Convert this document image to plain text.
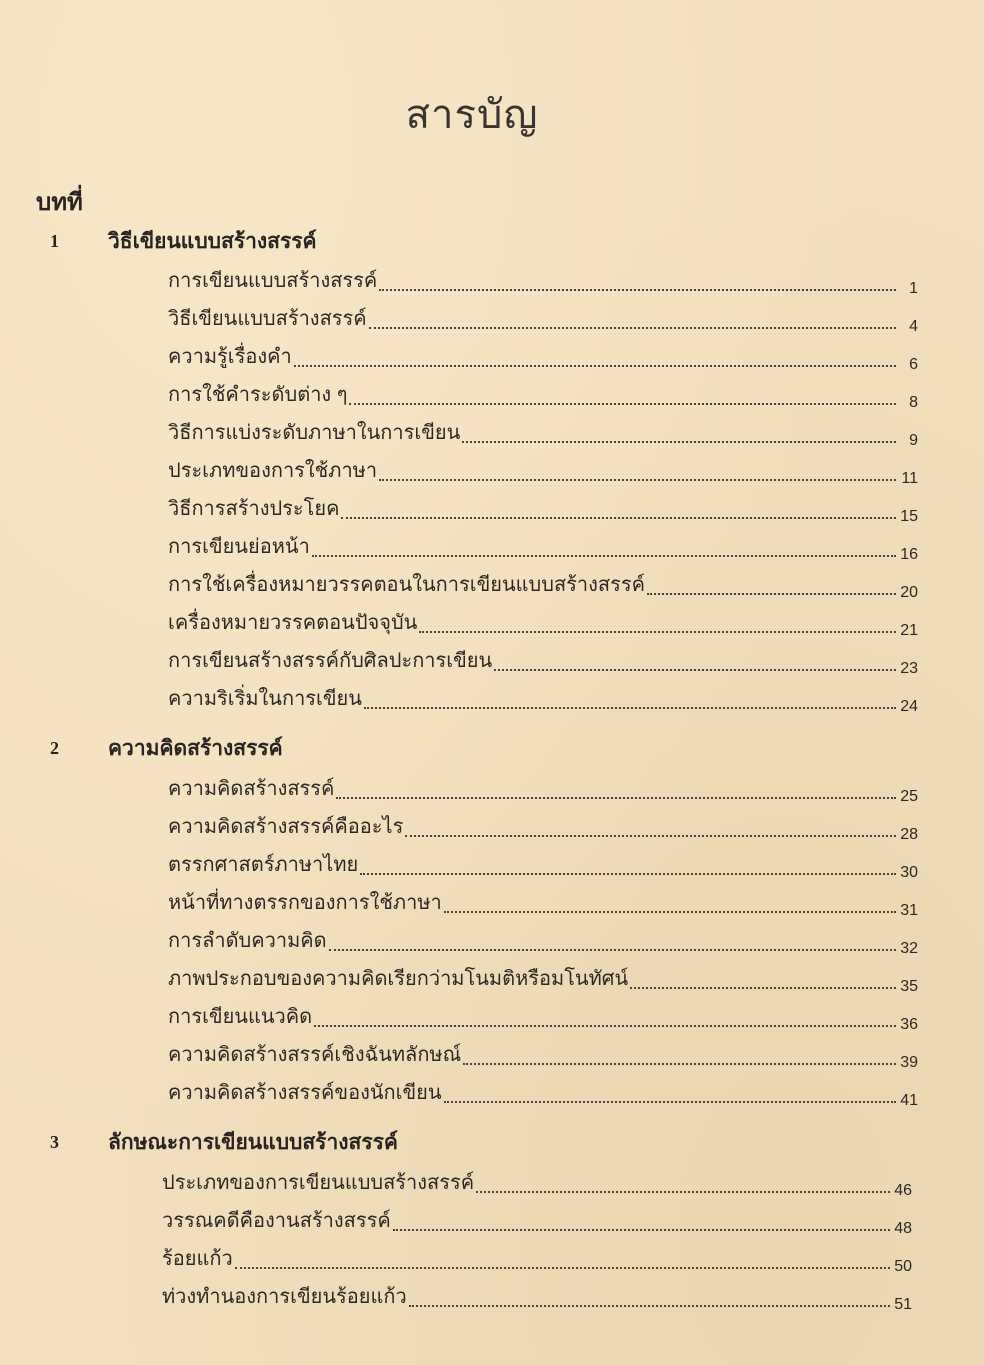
สารบัญ
บทที่
1 วิธีเขียนแบบสร้างสรรค์
การเขียนแบบสร้างสรรค์	1
วิธีเขียนแบบสร้างสรรค์	4
ความรู้เรื่องคำ	6
การใช้คำระดับต่าง ๆ	8
วิธีการแบ่งระดับภาษาในการเขียน	9
ประเภทของการใช้ภาษา	11
วิธีการสร้างประโยค	15
การเขียนย่อหน้า	16
การใช้เครื่องหมายวรรคตอนในการเขียนแบบสร้างสรรค์	20
เครื่องหมายวรรคตอนปัจจุบัน	21
การเขียนสร้างสรรค์กับศิลปะการเขียน	23
ความริเริ่มในการเขียน	24
2 ความคิดสร้างสรรค์
ความคิดสร้างสรรค์	25
ความคิดสร้างสรรค์คืออะไร	28
ตรรกศาสตร์ภาษาไทย	30
หน้าที่ทางตรรกของการใช้ภาษา	31
การลำดับความคิด	32
ภาพประกอบของความคิดเรียกว่ามโนมติหรือมโนทัศน์	35
การเขียนแนวคิด	36
ความคิดสร้างสรรค์เชิงฉันทลักษณ์	39
ความคิดสร้างสรรค์ของนักเขียน	41
3 ลักษณะการเขียนแบบสร้างสรรค์
ประเภทของการเขียนแบบสร้างสรรค์	46
วรรณคดีคืองานสร้างสรรค์	48
ร้อยแก้ว	50
ท่วงทำนองการเขียนร้อยแก้ว	51
